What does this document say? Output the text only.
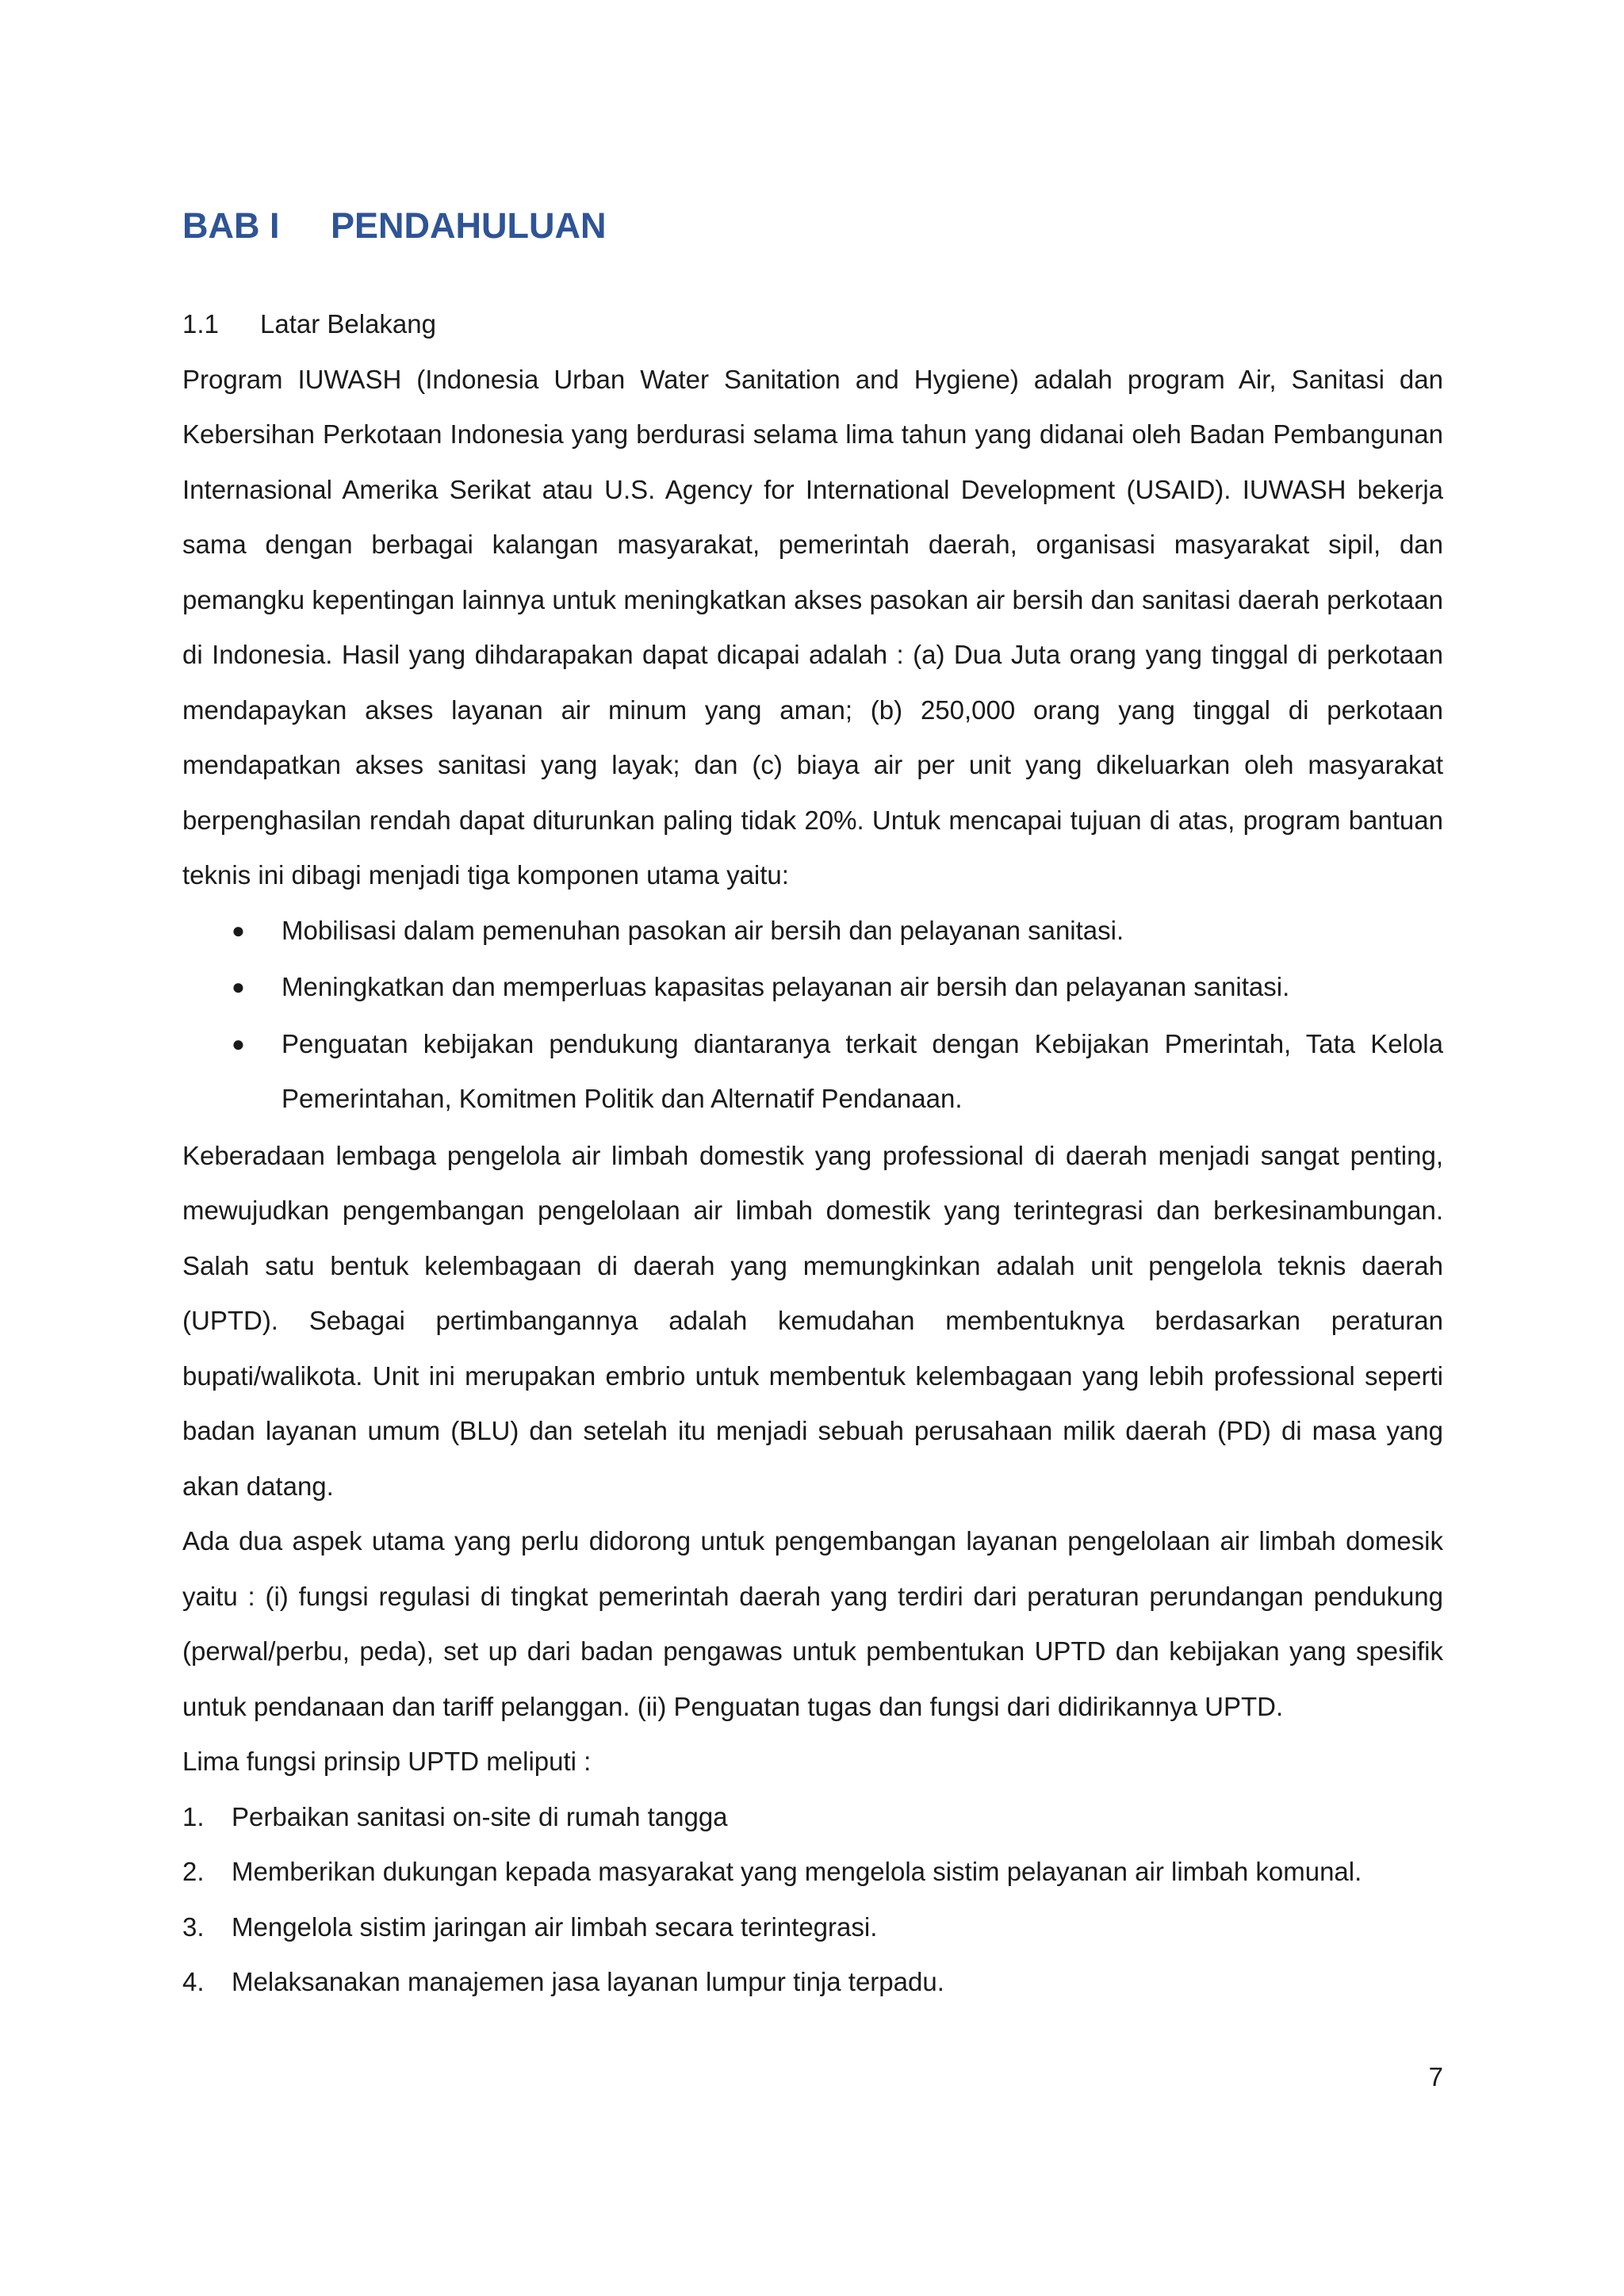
BAB I PENDAHULUAN
1.1 Latar Belakang

Program IUWASH (Indonesia Urban Water Sanitation and Hygiene) adalah program Air, Sanitasi dan Kebersihan Perkotaan Indonesia yang berdurasi selama lima tahun yang didanai oleh Badan Pembangunan Internasional Amerika Serikat atau U.S. Agency for International Development (USAID). IUWASH bekerja sama dengan berbagai kalangan masyarakat, pemerintah daerah, organisasi masyarakat sipil, dan pemangku kepentingan lainnya untuk meningkatkan akses pasokan air bersih dan sanitasi daerah perkotaan di Indonesia. Hasil yang dihdarapakan dapat dicapai adalah : (a) Dua Juta orang yang tinggal di perkotaan mendapaykan akses layanan air minum yang aman; (b) 250,000 orang yang tinggal di perkotaan mendapatkan akses sanitasi yang layak; dan (c) biaya air per unit yang dikeluarkan oleh masyarakat berpenghasilan rendah dapat diturunkan paling tidak 20%. Untuk mencapai tujuan di atas, program bantuan teknis ini dibagi menjadi tiga komponen utama yaitu:

● Mobilisasi dalam pemenuhan pasokan air bersih dan pelayanan sanitasi.
● Meningkatkan dan memperluas kapasitas pelayanan air bersih dan pelayanan sanitasi.
● Penguatan kebijakan pendukung diantaranya terkait dengan Kebijakan Pmerintah, Tata Kelola Pemerintahan, Komitmen Politik dan Alternatif Pendanaan.

Keberadaan lembaga pengelola air limbah domestik yang professional di daerah menjadi sangat penting, mewujudkan pengembangan pengelolaan air limbah domestik yang terintegrasi dan berkesinambungan. Salah satu bentuk kelembagaan di daerah yang memungkinkan adalah unit pengelola teknis daerah (UPTD). Sebagai pertimbangannya adalah kemudahan membentuknya berdasarkan peraturan bupati/walikota. Unit ini merupakan embrio untuk membentuk kelembagaan yang lebih professional seperti badan layanan umum (BLU) dan setelah itu menjadi sebuah perusahaan milik daerah (PD) di masa yang akan datang.

Ada dua aspek utama yang perlu didorong untuk pengembangan layanan pengelolaan air limbah domesik yaitu : (i) fungsi regulasi di tingkat pemerintah daerah yang terdiri dari peraturan perundangan pendukung (perwal/perbu, peda), set up dari badan pengawas untuk pembentukan UPTD dan kebijakan yang spesifik untuk pendanaan dan tariff pelanggan. (ii) Penguatan tugas dan fungsi dari didirikannya UPTD.

Lima fungsi prinsip UPTD meliputi :

1. Perbaikan sanitasi on-site di rumah tangga
2. Memberikan dukungan kepada masyarakat yang mengelola sistim pelayanan air limbah komunal.
3. Mengelola sistim jaringan air limbah secara terintegrasi.
4. Melaksanakan manajemen jasa layanan lumpur tinja terpadu.
7
